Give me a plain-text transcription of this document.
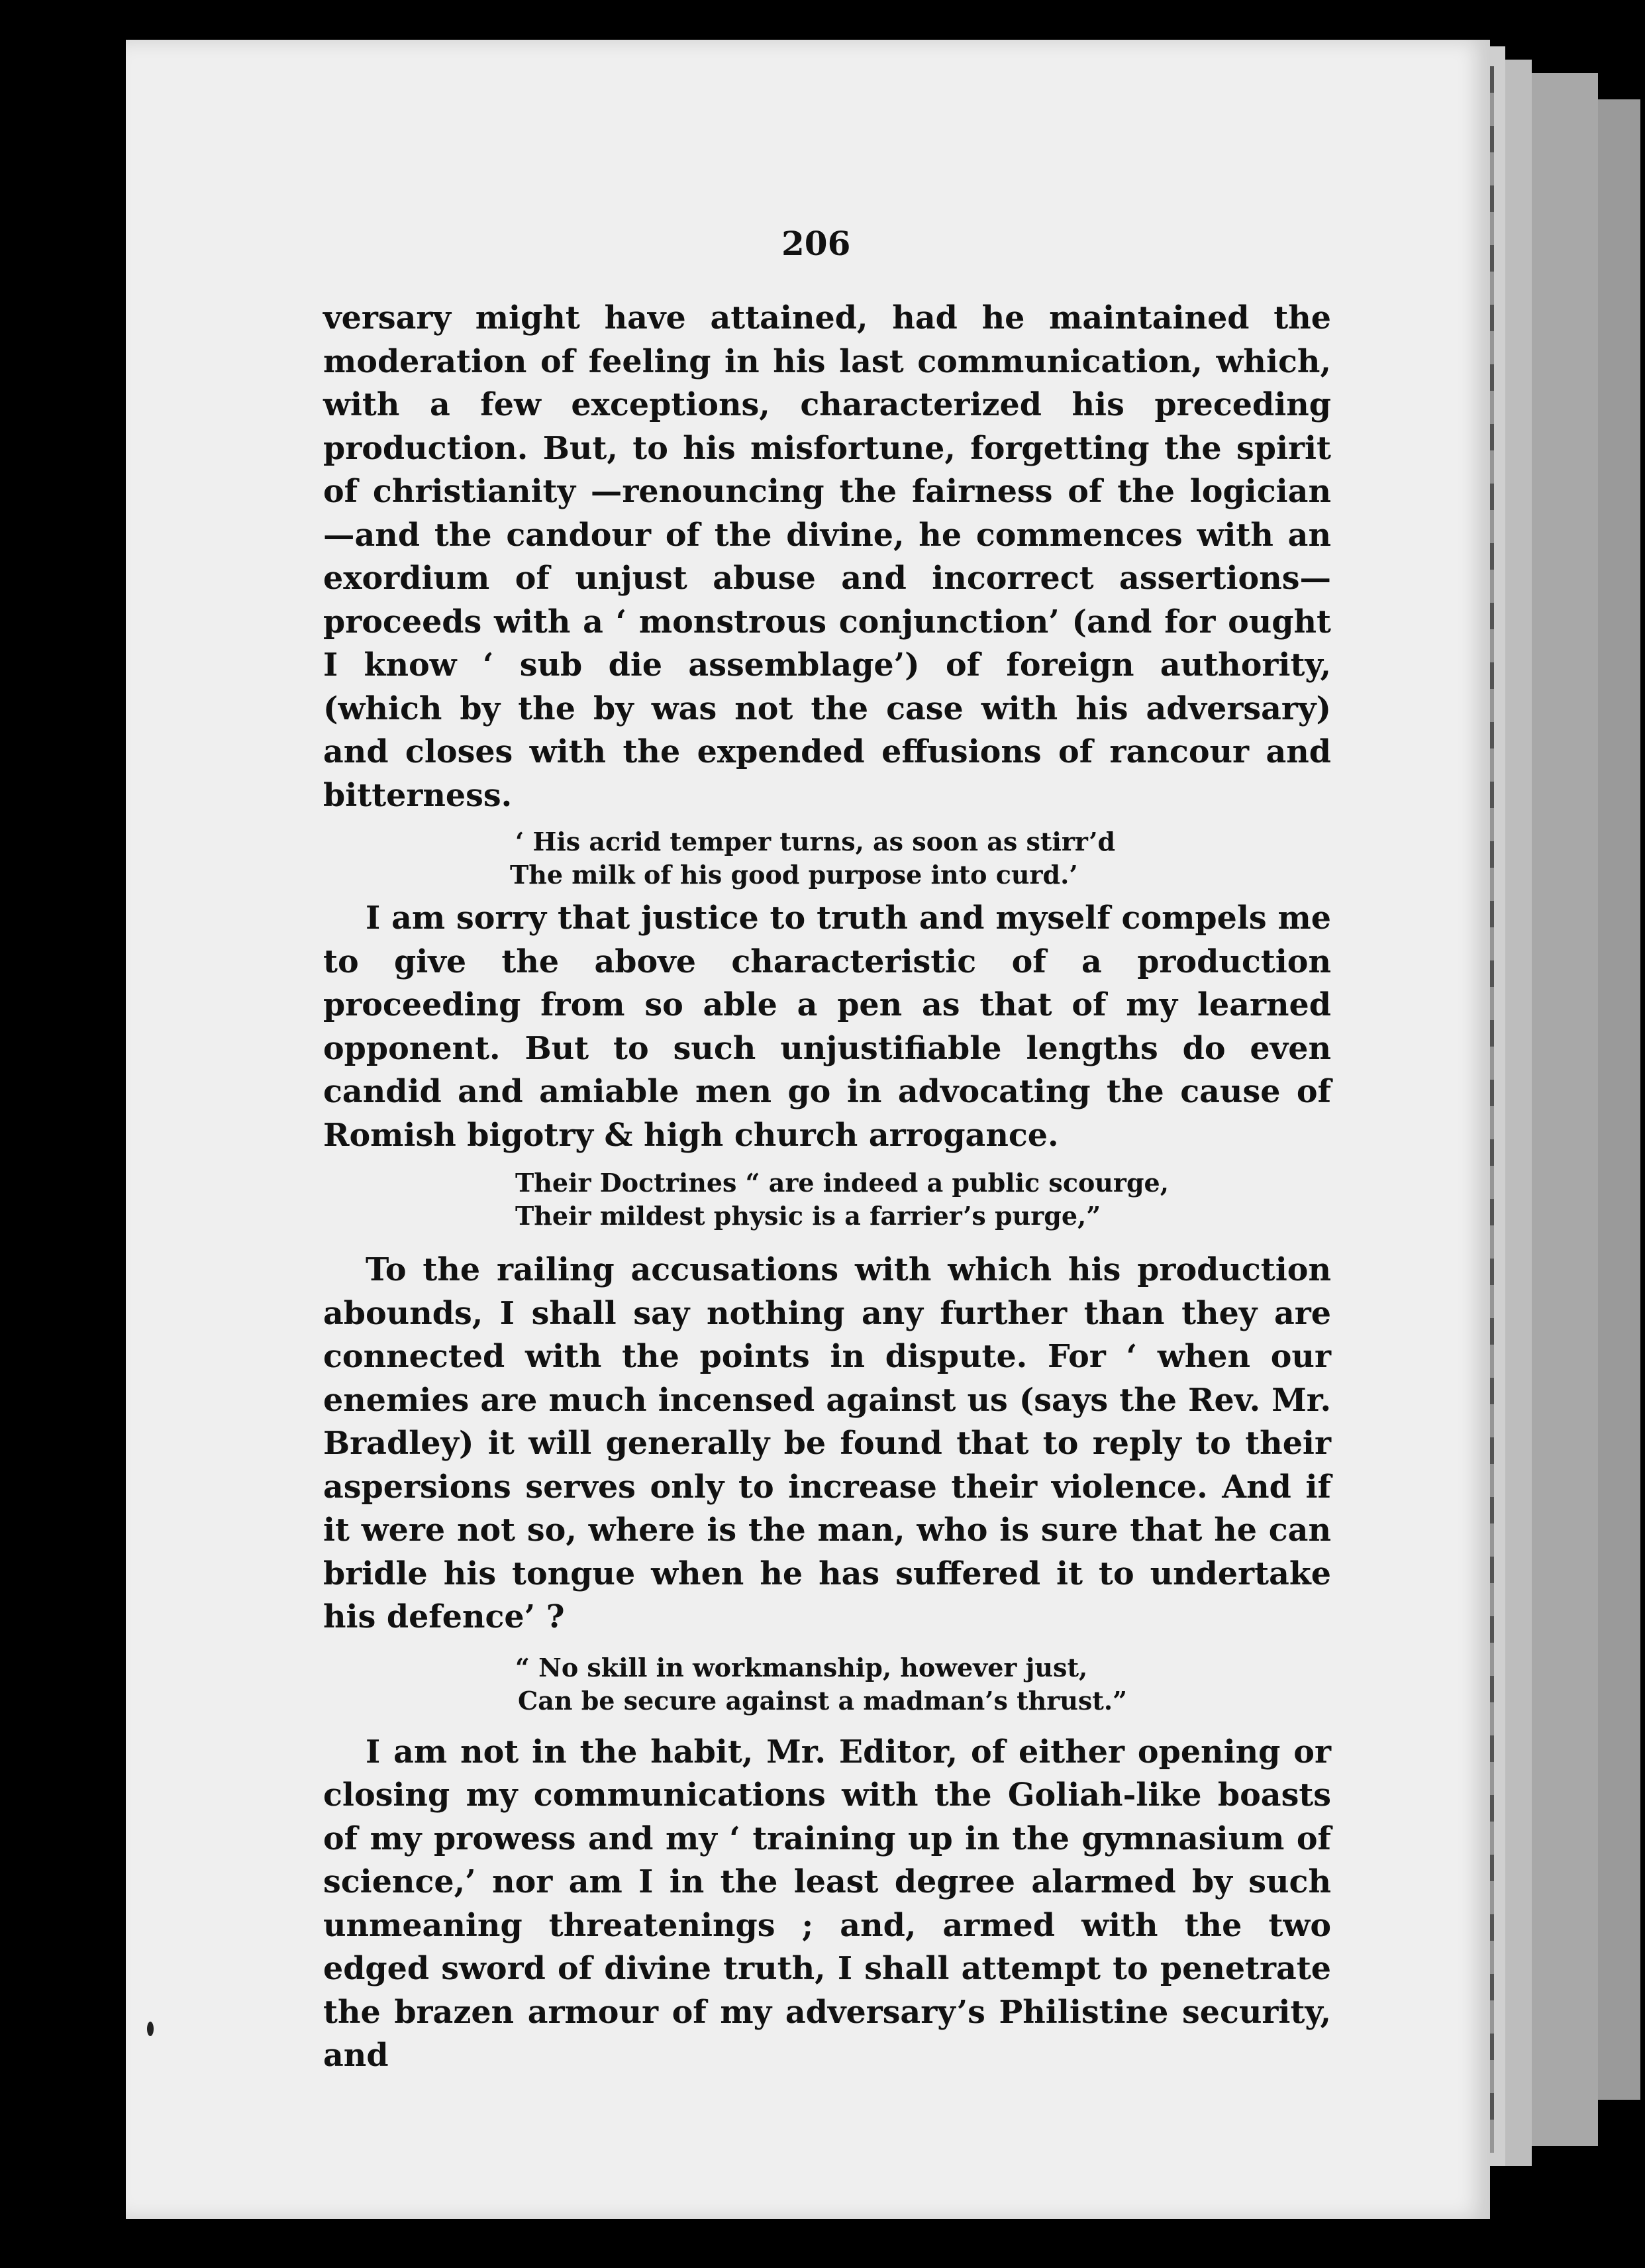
206

versary might have attained, had he maintained the moderation of feeling in his last communication, which, with a few exceptions, characterized his preceding production. But, to his misfortune, forgetting the spirit of christianity —renouncing the fairness of the logician—and the candour of the divine, he commences with an exordium of unjust abuse and incorrect assertions—proceeds with a ‘ monstrous conjunction’ (and for ought I know ‘ sub die assemblage’) of foreign authority, (which by the by was not the case with his adversary) and closes with the expended effusions of rancour and bitterness.

‘ His acrid temper turns, as soon as stirr’d
The milk of his good purpose into curd.’

I am sorry that justice to truth and myself compels me to give the above characteristic of a production proceeding from so able a pen as that of my learned opponent. But to such unjustifiable lengths do even candid and amiable men go in advocating the cause of Romish bigotry & high church arrogance.

Their Doctrines “ are indeed a public scourge,
Their mildest physic is a farrier’s purge,”

To the railing accusations with which his production abounds, I shall say nothing any further than they are connected with the points in dispute. For ‘ when our enemies are much incensed against us (says the Rev. Mr. Bradley) it will generally be found that to reply to their aspersions serves only to increase their violence. And if it were not so, where is the man, who is sure that he can bridle his tongue when he has suffered it to undertake his defence’ ?

“ No skill in workmanship, however just,
Can be secure against a madman’s thrust.”

I am not in the habit, Mr. Editor, of either opening or closing my communications with the Goliah-like boasts of my prowess and my ‘ training up in the gymnasium of science,’ nor am I in the least degree alarmed by such unmeaning threatenings ; and, armed with the two edged sword of divine truth, I shall attempt to penetrate the brazen armour of my adversary’s Philistine security, and
